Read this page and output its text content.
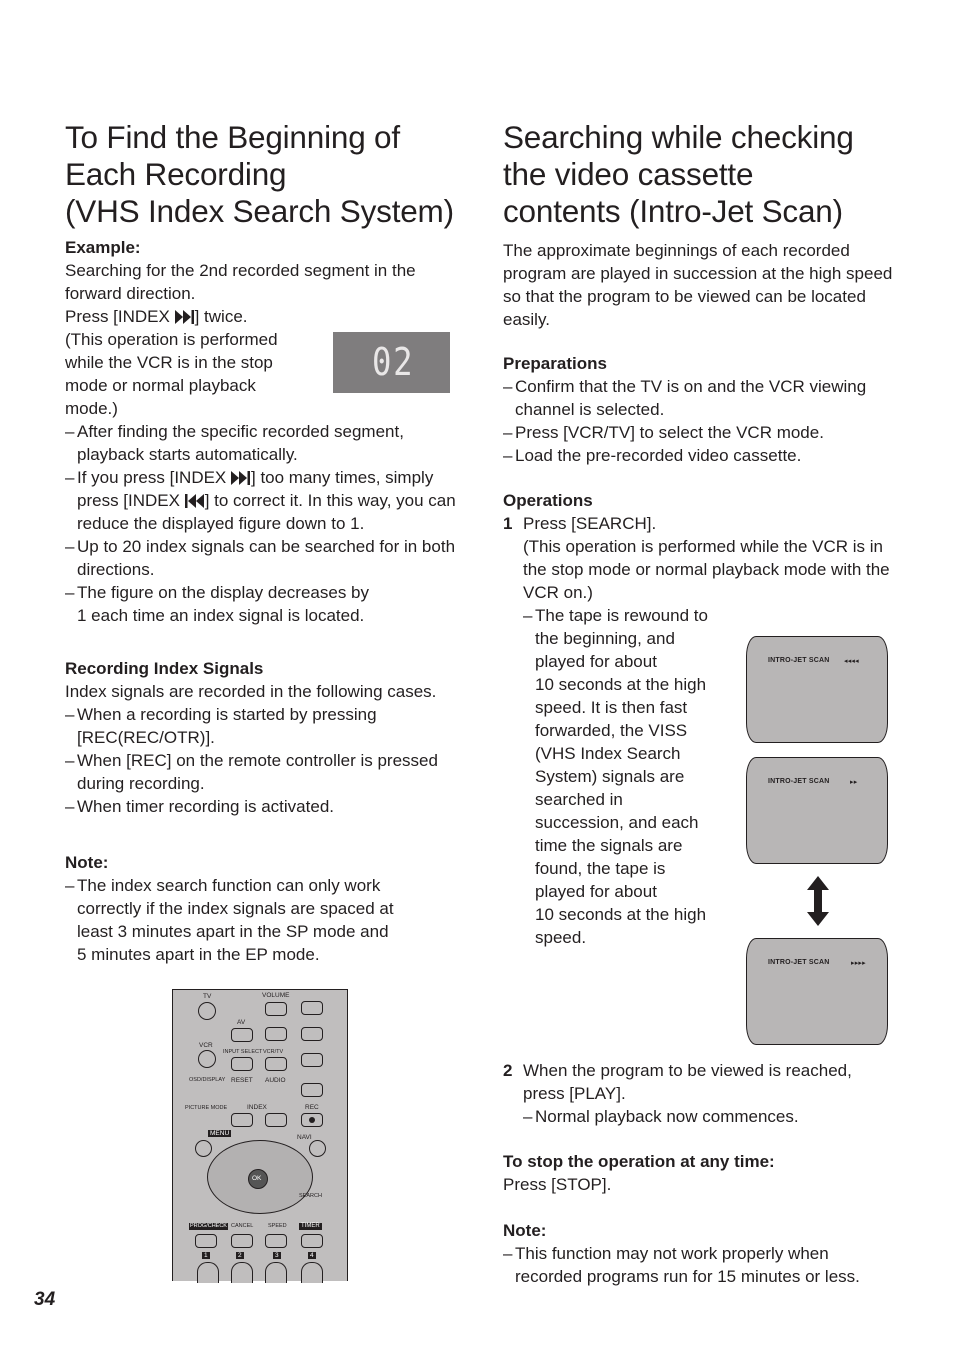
To Find the Beginning of
Each Recording
(VHS Index Search System)

Example:

Searching for the 2nd recorded segment in the forward direction.

Press [INDEX ] twice.

(This operation is performed

while the VCR is in the stop

mode or normal playback

mode.)

– After finding the specific recorded segment, playback starts automatically.

– If you press [INDEX ] too many times, simply press [INDEX ] to correct it. In this way, you can reduce the displayed figure down to 1.

– Up to 20 index signals can be searched for in both directions.

– The figure on the display decreases by
1 each time an index signal is located.

02

Recording Index Signals

Index signals are recorded in the following cases.

– When a recording is started by pressing [REC(REC/OTR)].

– When [REC] on the remote controller is pressed during recording.

– When timer recording is activated.

Note:

– The index search function can only work
correctly if the index signals are spaced at
least 3 minutes apart in the SP mode and
5 minutes apart in the EP mode.

TV	VOLUME
AV
VCR
INPUT SELECT VCR/TV
OSD/DISPLAY RESET AUDIO
PICTURE MODE	INDEX	REC
MENU
NAVI
OK
SEARCH
PROG/CHECK CANCEL	SPEED	TIMER
1	2	3	4
Searching while checking
the video cassette
contents (Intro-Jet Scan)

The approximate beginnings of each recorded program are played in succession at the high speed so that the program to be viewed can be located easily.

Preparations

– Confirm that the TV is on and the VCR viewing channel is selected.

– Press [VCR/TV] to select the VCR mode.

– Load the pre-recorded video cassette.

Operations

1 Press [SEARCH].

(This operation is performed while the VCR is in the stop mode or normal playback mode with the VCR on.)

– The tape is rewound to
the beginning, and
played for about
10 seconds at the high
speed. It is then fast
forwarded, the VISS
(VHS Index Search
System) signals are
searched in
succession, and each
time the signals are
found, the tape is
played for about
10 seconds at the high
speed.
INTRO-JET SCAN ◂◂◂◂
INTRO-JET SCAN	▸▸
INTRO-JET SCAN	▸▸▸▸
2 When the program to be viewed is reached, press [PLAY].

– Normal playback now commences.

To stop the operation at any time:

Press [STOP].

Note:

– This function may not work properly when recorded programs run for 15 minutes or less.

34
